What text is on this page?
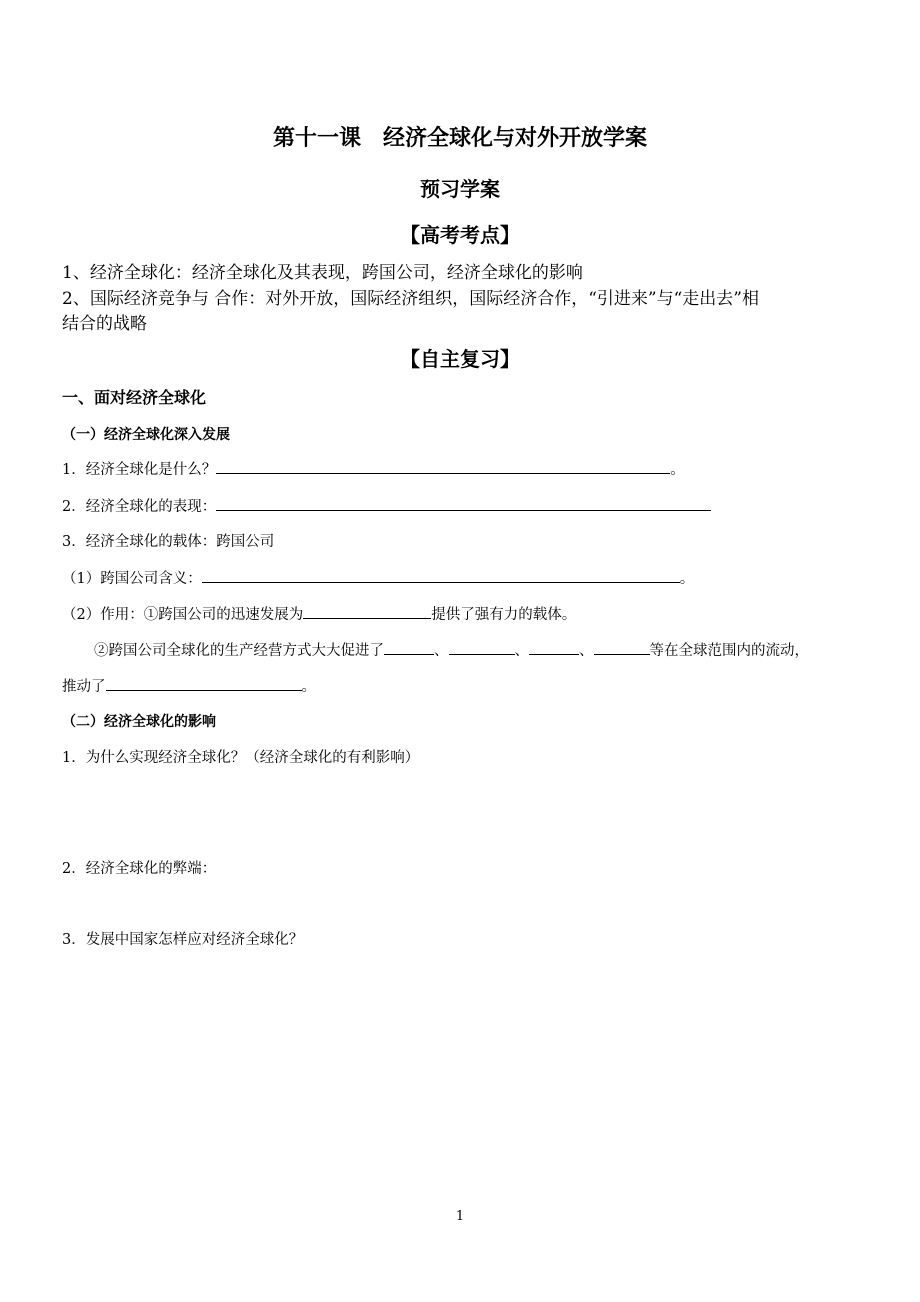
第十一课　经济全球化与对外开放学案
预习学案
【高考考点】
1、经济全球化：经济全球化及其表现，跨国公司，经济全球化的影响
2、国际经济竞争与 合作：对外开放，国际经济组织，国际经济合作，“引进来”与“走出去”相
结合的战略
【自主复习】
一、面对经济全球化
（一）经济全球化深入发展
1．经济全球化是什么？	。
2．经济全球化的表现：
3．经济全球化的载体：跨国公司
（1）跨国公司含义：	。
（2）作用：①跨国公司的迅速发展为	提供了强有力的载体。
②跨国公司全球化的生产经营方式大大促进了	、	、	、	等在全球范围内的流动，
推动了	。
（二）经济全球化的影响
1．为什么实现经济全球化？（经济全球化的有利影响）
2．经济全球化的弊端：
3．发展中国家怎样应对经济全球化？
1
